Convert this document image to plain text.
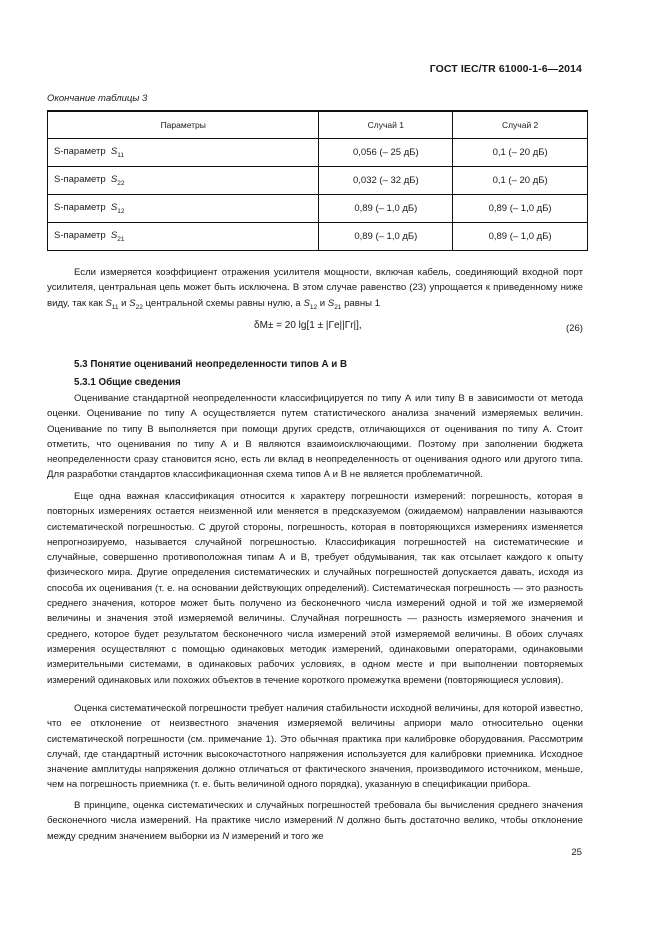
ГОСТ IEC/TR 61000-1-6—2014
Окончание таблицы 3
Параметры	Случай 1	Случай 2
S-параметр $S_{11}$	0,056 (– 25 дБ)	0,1 (– 20 дБ)
S-параметр $S_{22}$	0,032 (– 32 дБ)	0,1 (– 20 дБ)
S-параметр $S_{12}$	0,89 (– 1,0 дБ)	0,89 (– 1,0 дБ)
S-параметр $S_{21}$	0,89 (– 1,0 дБ)	0,89 (– 1,0 дБ)

Если измеряется коэффициент отражения усилителя мощности, включая кабель, соединяющий входной порт усилителя, центральная цепь может быть исключена. В этом случае равенство (23) упрощается к приведенному ниже виду, так как $S_{11}$ и $S_{22}$ центральной схемы равны нулю, а $S_{12}$ и $S_{21}$ равны 1

δM± = 20 lg[1 ± |Γe||Γr|],	(26)
5.3 Понятие оцениваний неопределенности типов А и В
5.3.1 Общие сведения

Оценивание стандартной неопределенности классифицируется по типу А или типу В в зависимости от метода оценки. Оценивание по типу А осуществляется путем статистического анализа значений измеряемых величин. Оценивание по типу В выполняется при помощи других средств, отличающихся от оценивания по типу А. Стоит отметить, что оценивания по типу А и В являются взаимоисключающими. Поэтому при заполнении бюджета неопределенности сразу становится ясно, есть ли вклад в неопределенность от оценивания одного или другого типа. Для разработки стандартов классификационная схема типов А и В не является проблематичной.

Еще одна важная классификация относится к характеру погрешности измерений: погрешность, которая в повторных измерениях остается неизменной или меняется в предсказуемом (ожидаемом) направлении называются систематической погрешностью. С другой стороны, погрешность, которая в повторяющихся измерениях изменяется непрогнозируемо, называется случайной погрешностью. Классификация погрешностей на систематические и случайные, совершенно противоположная типам А и В, требует обдумывания, так как отсылает каждого к опыту физического мира. Другие определения систематических и случайных погрешностей допускается давать, исходя из способа их оценивания (т. е. на основании действующих определений). Систематическая погрешность — это разность среднего значения, которое может быть получено из бесконечного числа измерений одной и той же измеряемой величины и значения этой измеряемой величины. Случайная погрешность — разность измеряемого значения и среднего, которое будет результатом бесконечного числа измерений этой измеряемой величины. В обоих случаях измерения осуществляют с помощью одинаковых методик измерений, одинаковыми операторами, одинаковыми измерительными системами, в одинаковых рабочих условиях, в одном месте и при выполнении повторяемых измерений одинаковых или похожих объектов в течение короткого промежутка времени (повторяющиеся условия).

Оценка систематической погрешности требует наличия стабильности исходной величины, для которой известно, что ее отклонение от неизвестного значения измеряемой величины априори мало относительно оценки систематической погрешности (см. примечание 1). Это обычная практика при калибровке оборудования. Рассмотрим случай, где стандартный источник высокочастотного напряжения используется для калибровки приемника. Исходное значение амплитуды напряжения должно отличаться от фактического значения, производимого источником, меньше, чем на погрешность приемника (т. е. быть величиной одного порядка), указанную в спецификации прибора.

В принципе, оценка систематических и случайных погрешностей требовала бы вычисления среднего значения бесконечного числа измерений. На практике число измерений N должно быть достаточно велико, чтобы отклонение между средним значением выборки из N измерений и того же

25
